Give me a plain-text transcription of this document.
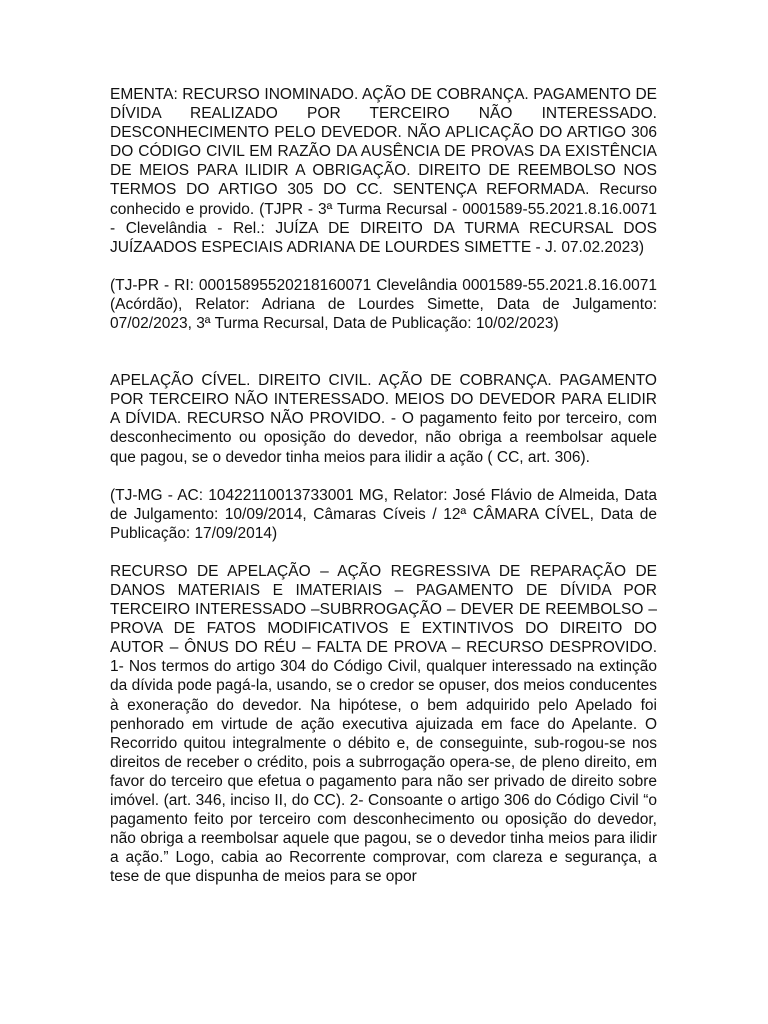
EMENTA: RECURSO INOMINADO. AÇÃO DE COBRANÇA. PAGAMENTO DE DÍVIDA REALIZADO POR TERCEIRO NÃO INTERESSADO. DESCONHECIMENTO PELO DEVEDOR. NÃO APLICAÇÃO DO ARTIGO 306 DO CÓDIGO CIVIL EM RAZÃO DA AUSÊNCIA DE PROVAS DA EXISTÊNCIA DE MEIOS PARA ILIDIR A OBRIGAÇÃO. DIREITO DE REEMBOLSO NOS TERMOS DO ARTIGO 305 DO CC. SENTENÇA REFORMADA. Recurso conhecido e provido. (TJPR - 3ª Turma Recursal - 0001589-55.2021.8.16.0071 - Clevelândia - Rel.: JUÍZA DE DIREITO DA TURMA RECURSAL DOS JUÍZAADOS ESPECIAIS ADRIANA DE LOURDES SIMETTE - J. 07.02.2023)

(TJ-PR - RI: 00015895520218160071 Clevelândia 0001589-55.2021.8.16.0071 (Acórdão), Relator: Adriana de Lourdes Simette, Data de Julgamento: 07/02/2023, 3ª Turma Recursal, Data de Publicação: 10/02/2023)

APELAÇÃO CÍVEL. DIREITO CIVIL. AÇÃO DE COBRANÇA. PAGAMENTO POR TERCEIRO NÃO INTERESSADO. MEIOS DO DEVEDOR PARA ELIDIR A DÍVIDA. RECURSO NÃO PROVIDO. - O pagamento feito por terceiro, com desconhecimento ou oposição do devedor, não obriga a reembolsar aquele que pagou, se o devedor tinha meios para ilidir a ação ( CC, art. 306).

(TJ-MG - AC: 10422110013733001 MG, Relator: José Flávio de Almeida, Data de Julgamento: 10/09/2014, Câmaras Cíveis / 12ª CÂMARA CÍVEL, Data de Publicação: 17/09/2014)

RECURSO DE APELAÇÃO – AÇÃO REGRESSIVA DE REPARAÇÃO DE DANOS MATERIAIS E IMATERIAIS – PAGAMENTO DE DÍVIDA POR TERCEIRO INTERESSADO –SUBRROGAÇÃO – DEVER DE REEMBOLSO – PROVA DE FATOS MODIFICATIVOS E EXTINTIVOS DO DIREITO DO AUTOR – ÔNUS DO RÉU – FALTA DE PROVA – RECURSO DESPROVIDO. 1- Nos termos do artigo 304 do Código Civil, qualquer interessado na extinção da dívida pode pagá-la, usando, se o credor se opuser, dos meios conducentes à exoneração do devedor. Na hipótese, o bem adquirido pelo Apelado foi penhorado em virtude de ação executiva ajuizada em face do Apelante. O Recorrido quitou integralmente o débito e, de conseguinte, sub-rogou-se nos direitos de receber o crédito, pois a subrrogação opera-se, de pleno direito, em favor do terceiro que efetua o pagamento para não ser privado de direito sobre imóvel. (art. 346, inciso II, do CC). 2- Consoante o artigo 306 do Código Civil “o pagamento feito por terceiro com desconhecimento ou oposição do devedor, não obriga a reembolsar aquele que pagou, se o devedor tinha meios para ilidir a ação.” Logo, cabia ao Recorrente comprovar, com clareza e segurança, a tese de que dispunha de meios para se opor
